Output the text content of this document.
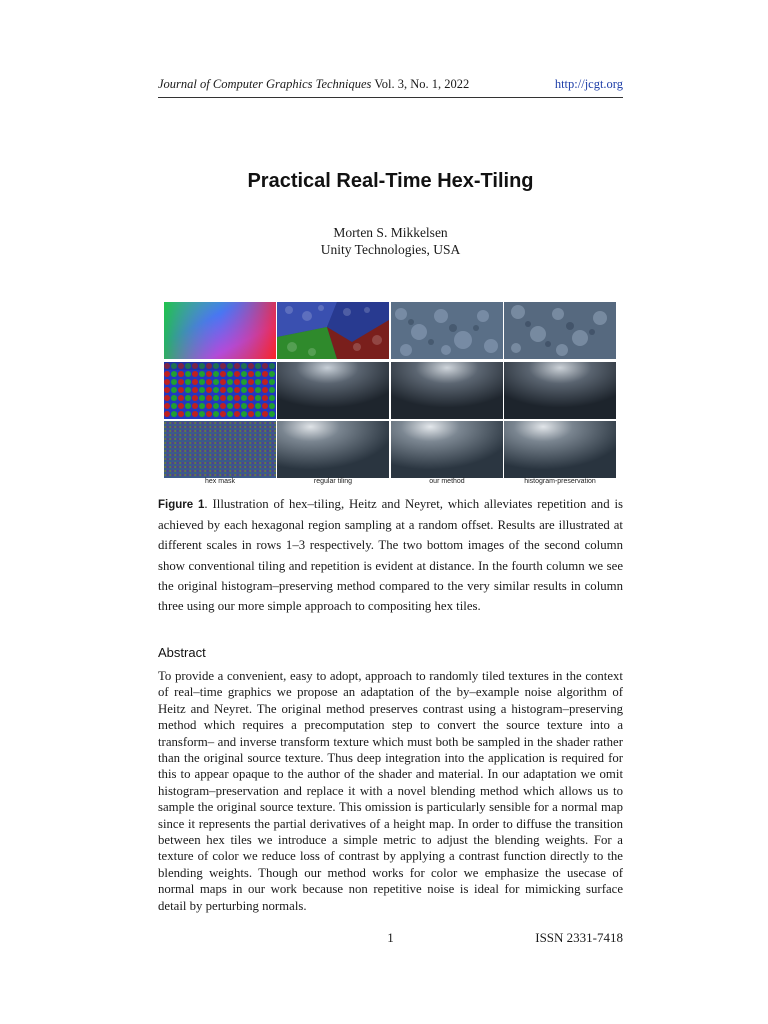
Journal of Computer Graphics Techniques Vol. 3, No. 1, 2022	http://jcgt.org
Practical Real-Time Hex-Tiling
Morten S. Mikkelsen
Unity Technologies, USA
hex mask	regular tiling	our method	histogram-preservation
Figure 1. Illustration of hex–tiling, Heitz and Neyret, which alleviates repetition and is achieved by each hexagonal region sampling at a random offset. Results are illustrated at different scales in rows 1–3 respectively. The two bottom images of the second column show conventional tiling and repetition is evident at distance. In the fourth column we see the original histogram–preserving method compared to the very similar results in column three using our more simple approach to compositing hex tiles.
Abstract
To provide a convenient, easy to adopt, approach to randomly tiled textures in the context of real–time graphics we propose an adaptation of the by–example noise algorithm of Heitz and Neyret. The original method preserves contrast using a histogram–preserving method which requires a precomputation step to convert the source texture into a transform– and inverse transform texture which must both be sampled in the shader rather than the original source texture. Thus deep integration into the application is required for this to appear opaque to the author of the shader and material. In our adaptation we omit histogram–preservation and replace it with a novel blending method which allows us to sample the original source texture. This omission is particularly sensible for a normal map since it represents the partial derivatives of a height map. In order to diffuse the transition between hex tiles we introduce a simple metric to adjust the blending weights. For a texture of color we reduce loss of contrast by applying a contrast function directly to the blending weights. Though our method works for color we emphasize the usecase of normal maps in our work because non repetitive noise is ideal for mimicking surface detail by perturbing normals.
1	ISSN 2331-7418
